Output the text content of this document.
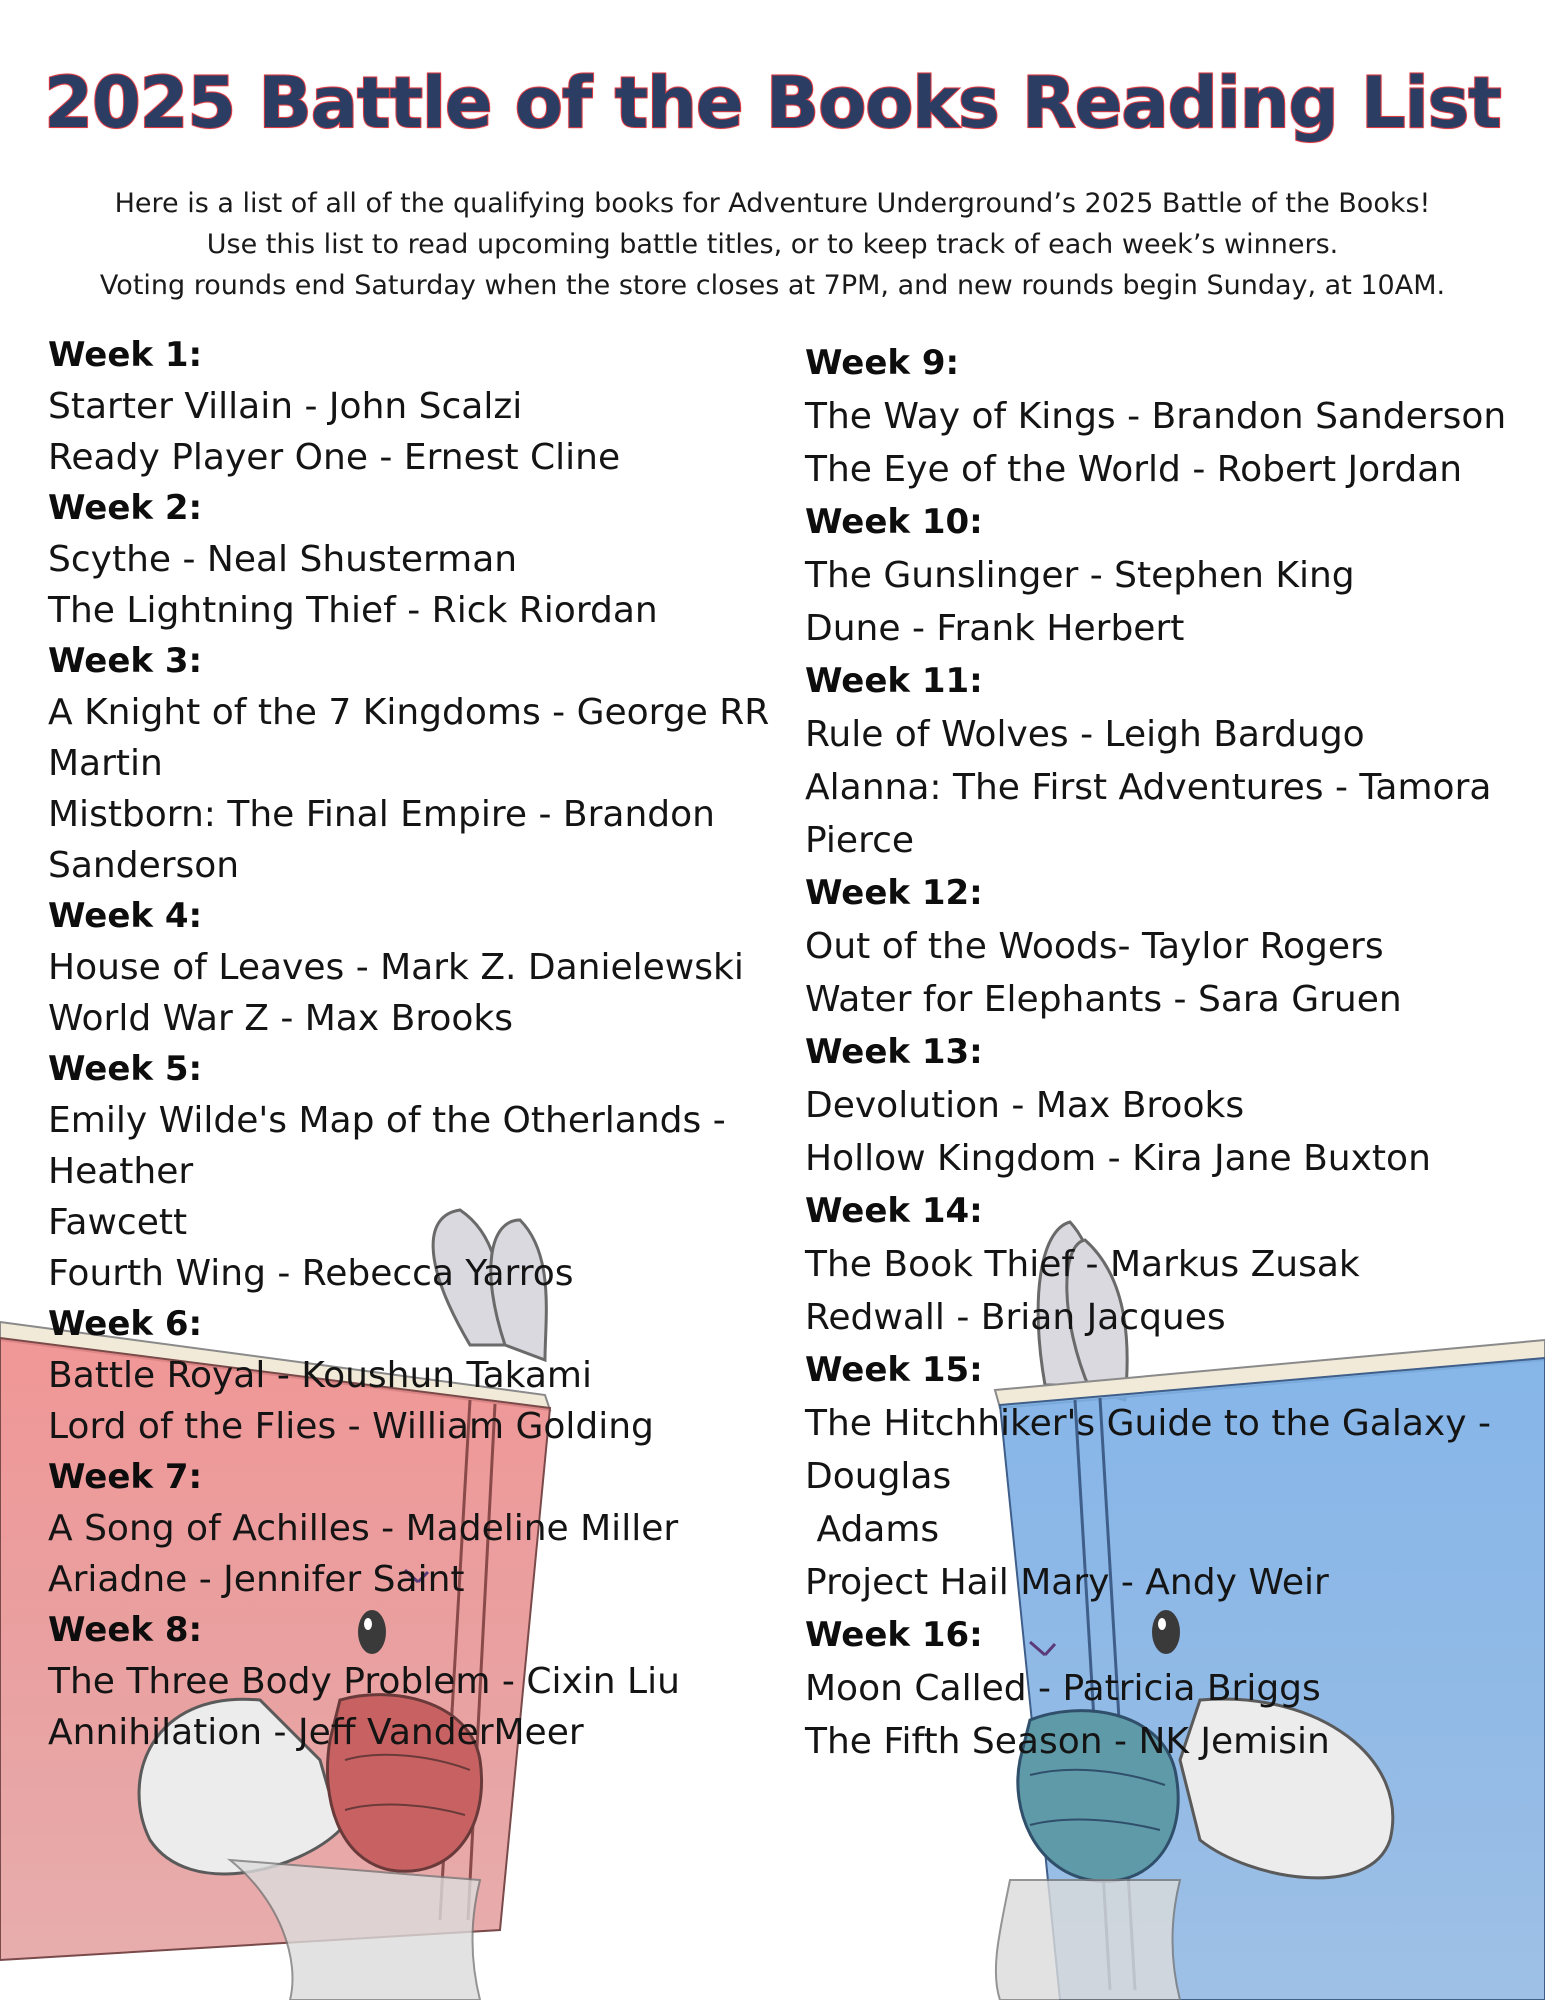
2025 Battle of the Books Reading List
Here is a list of all of the qualifying books for Adventure Underground’s 2025 Battle of the Books!
Use this list to read upcoming battle titles, or to keep track of each week’s winners.
Voting rounds end Saturday when the store closes at 7PM, and new rounds begin Sunday, at 10AM.
Week 1:
Starter Villain - John Scalzi
Ready Player One - Ernest Cline
Week 2:
Scythe - Neal Shusterman
The Lightning Thief - Rick Riordan
Week 3:
A Knight of the 7 Kingdoms - George RR
Martin
Mistborn: The Final Empire - Brandon
Sanderson
Week 4:
House of Leaves - Mark Z. Danielewski
World War Z - Max Brooks
Week 5:
Emily Wilde's Map of the Otherlands -
Heather
Fawcett
Fourth Wing - Rebecca Yarros
Week 6:
Battle Royal - Koushun Takami
Lord of the Flies - William Golding
Week 7:
A Song of Achilles - Madeline Miller
Ariadne - Jennifer Saint
Week 8:
The Three Body Problem - Cixin Liu
Annihilation - Jeff VanderMeer
Week 9:
The Way of Kings - Brandon Sanderson
The Eye of the World - Robert Jordan
Week 10:
The Gunslinger - Stephen King
Dune - Frank Herbert
Week 11:
Rule of Wolves - Leigh Bardugo
Alanna: The First Adventures - Tamora
Pierce
Week 12:
Out of the Woods- Taylor Rogers
Water for Elephants - Sara Gruen
Week 13:
Devolution - Max Brooks
Hollow Kingdom - Kira Jane Buxton
Week 14:
The Book Thief - Markus Zusak
Redwall - Brian Jacques
Week 15:
The Hitchhiker's Guide to the Galaxy -
Douglas
Adams
Project Hail Mary - Andy Weir
Week 16:
Moon Called - Patricia Briggs
The Fifth Season - NK Jemisin
